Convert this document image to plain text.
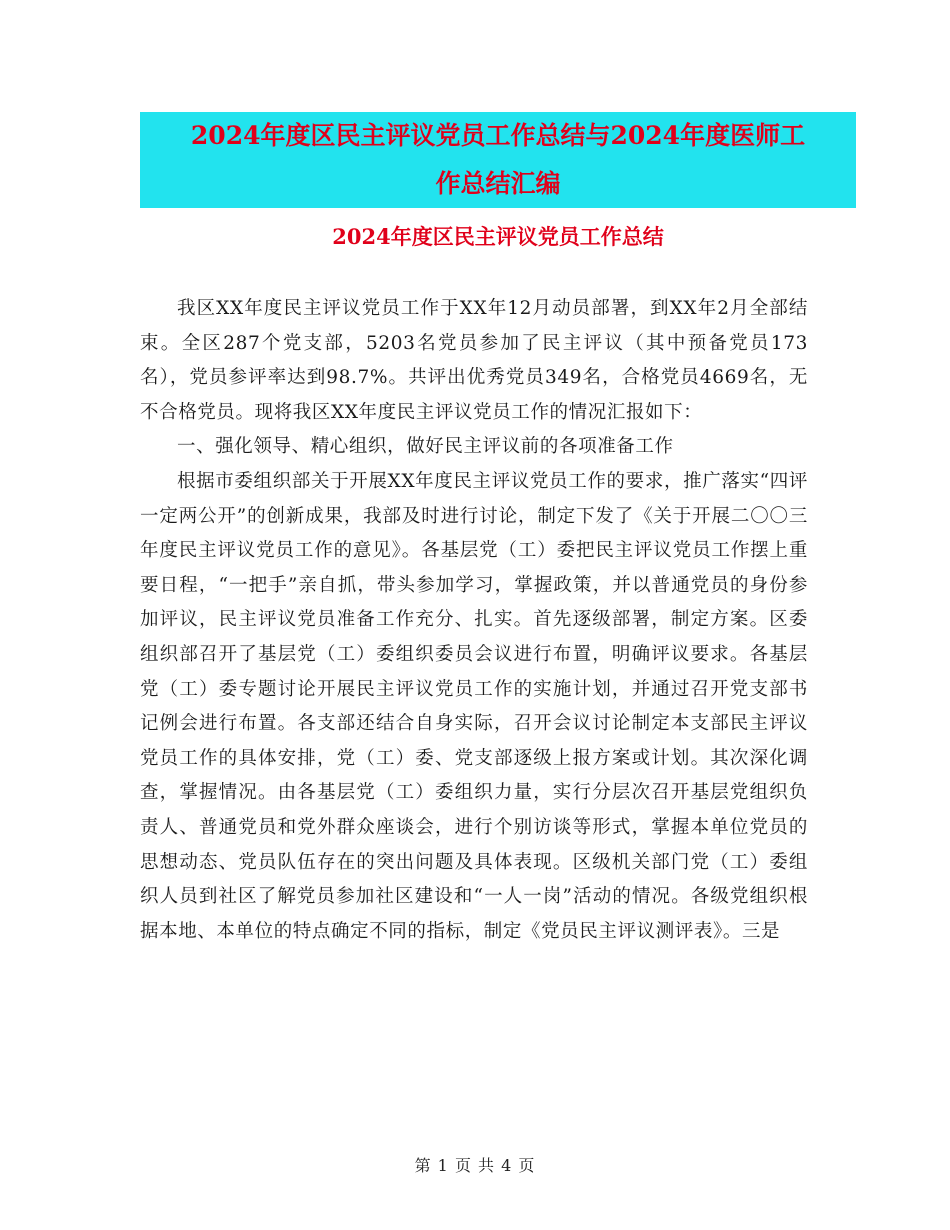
2024年度区民主评议党员工作总结与2024年度医师工
作总结汇编
2024年度区民主评议党员工作总结

我区XX年度民主评议党员工作于XX年12月动员部署，到XX年2月全部结束。全区287个党支部，5203名党员参加了民主评议（其中预备党员173名），党员参评率达到98.7%。共评出优秀党员349名，合格党员4669名，无不合格党员。现将我区XX年度民主评议党员工作的情况汇报如下：

一、强化领导、精心组织，做好民主评议前的各项准备工作

根据市委组织部关于开展XX年度民主评议党员工作的要求，推广落实“四评一定两公开”的创新成果，我部及时进行讨论，制定下发了《关于开展二〇〇三年度民主评议党员工作的意见》。各基层党（工）委把民主评议党员工作摆上重要日程，“一把手”亲自抓，带头参加学习，掌握政策，并以普通党员的身份参加评议，民主评议党员准备工作充分、扎实。首先逐级部署，制定方案。区委组织部召开了基层党（工）委组织委员会议进行布置，明确评议要求。各基层党（工）委专题讨论开展民主评议党员工作的实施计划，并通过召开党支部书记例会进行布置。各支部还结合自身实际，召开会议讨论制定本支部民主评议党员工作的具体安排，党（工）委、党支部逐级上报方案或计划。其次深化调查，掌握情况。由各基层党（工）委组织力量，实行分层次召开基层党组织负责人、普通党员和党外群众座谈会，进行个别访谈等形式，掌握本单位党员的思想动态、党员队伍存在的突出问题及具体表现。区级机关部门党（工）委组织人员到社区了解党员参加社区建设和“一人一岗”活动的情况。各级党组织根据本地、本单位的特点确定不同的指标，制定《党员民主评议测评表》。三是

第 1 页 共 4 页
